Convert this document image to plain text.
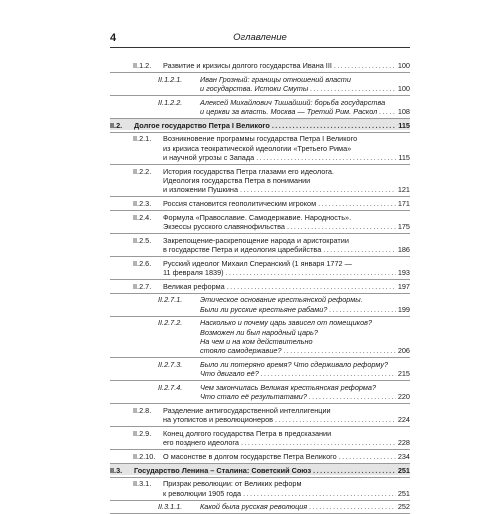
4	Оглавление
II.1.2. Развитие и кризисы долгого государства Ивана III . . .	100
II.1.2.1. Иван Грозный: границы отношений власти
и государства. Истоки Смуты . . .	100
II.1.2.2. Алексей Михайлович Тишайший: борьба государства
и церкви за власть. Москва — Третий Рим. Раскол . . .	108
II.2. Долгое государство Петра I Великого . . .	115
II.2.1. Возникновение программы государства Петра I Великого
из кризиса теократической идеологии «Третьего Рима»
и научной угрозы с Запада . . .	115
II.2.2. История государства Петра глазами его идеолога.
Идеология государства Петра в понимании
и изложении Пушкина . . .	121
II.2.3. Россия становится геополитическим игроком . . .	171
II.2.4. Формула «Православие. Самодержавие. Народность».
Экзессы русского славянофильства . . .	175
II.2.5. Закрепощение-раскрепощение народа и аристократии
в государстве Петра и идеология царебийства . . .	186
II.2.6. Русский идеолог Михаил Сперанский (1 января 1772 —
11 февраля 1839) . . .	193
II.2.7. Великая реформа . . .	197
II.2.7.1. Этическое основание крестьянской реформы.
Были ли русские крестьяне рабами? . . .	199
II.2.7.2. Насколько и почему царь зависел от помещиков?
Возможен ли был народный царь?
На чем и на ком действительно
стояло самодержавие? . . .	206
II.2.7.3. Было ли потеряно время? Что сдерживало реформу?
Что двигало её? . . .	215
II.2.7.4. Чем закончилась Великая крестьянская реформа?
Что стало её результатами? . . .	220
II.2.8. Разделение антигосударственной интеллигенции
на утопистов и революционеров . . .	224
II.2.9. Конец долгого государства Петра в предсказании
его позднего идеолога . . .	228
II.2.10. О масонстве в долгом государстве Петра Великого . . .	234
II.3. Государство Ленина – Сталина: Советский Союз . . .	251
II.3.1. Призрак революции: от Великих реформ
к революции 1905 года . . .	251
II.3.1.1. Какой была русская революция . . .	252
